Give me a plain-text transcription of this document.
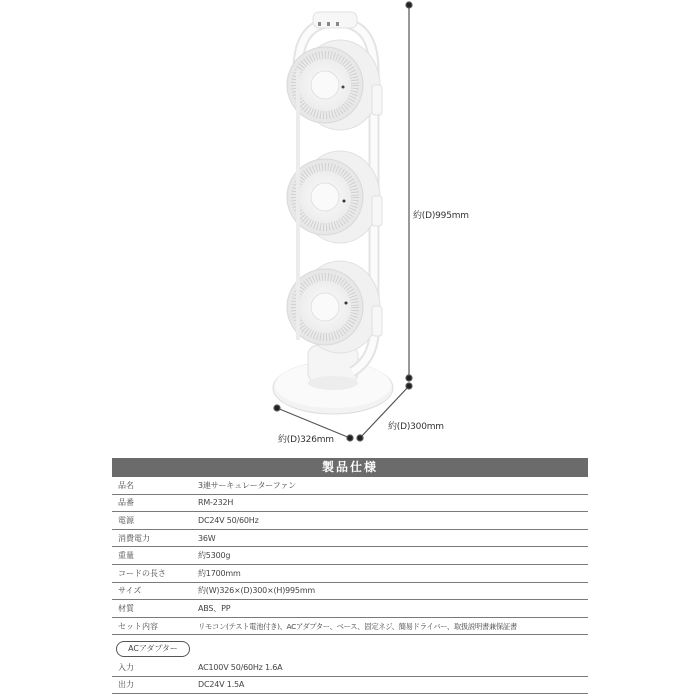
約(D)995mm
約(D)326mm
約(D)300mm
製品仕様
品名	3連サーキュレーターファン
品番	RM-232H
電源	DC24V 50/60Hz
消費電力	36W
重量	約5300g
コードの長さ	約1700mm
サイズ	約(W)326×(D)300×(H)995mm
材質	ABS、PP
セット内容	リモコン(テスト電池付き)、ACアダプター、ベース、固定ネジ、簡易ドライバー、取扱説明書兼保証書
ACアダプター
入力	AC100V 50/60Hz 1.6A
出力	DC24V 1.5A
